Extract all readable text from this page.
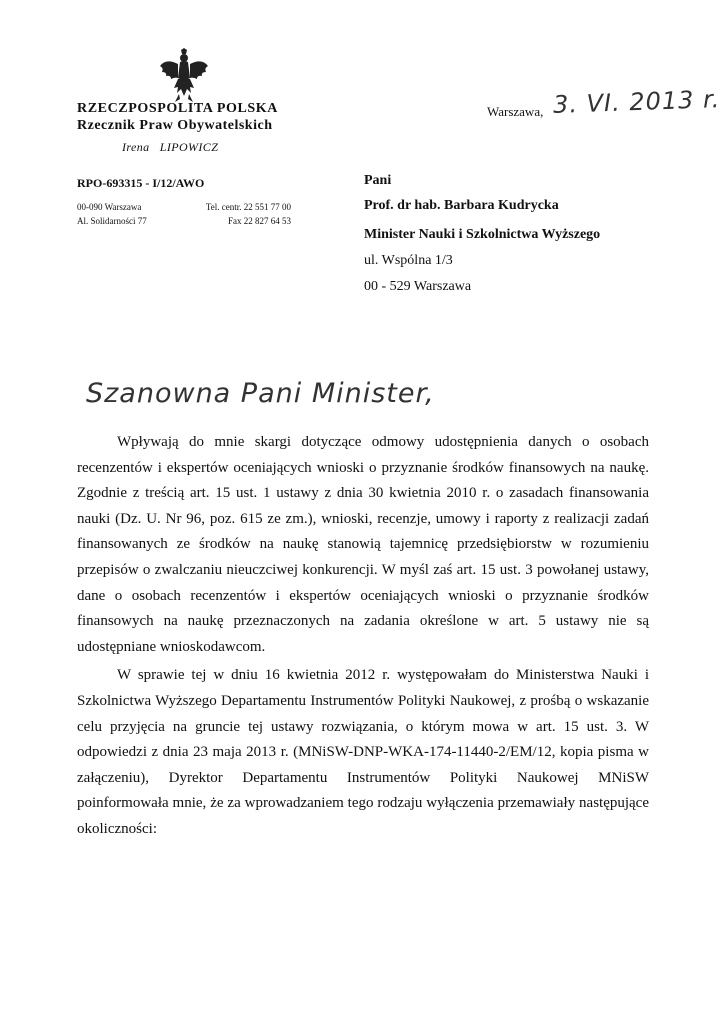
RZECZPOSPOLITA POLSKA
Rzecznik Praw Obywatelskich
Irena   LIPOWICZ
RPO-693315 - I/12/AWO
00-090 Warszawa
Al. Solidarności 77
Tel. centr. 22 551 77 00
Fax 22 827 64 53
Warszawa, 3. VI. 2013 r.
Pani
Prof. dr hab. Barbara Kudrycka
Minister Nauki i Szkolnictwa Wyższego
ul. Wspólna 1/3
00 - 529 Warszawa
Szanowna Pani Minister,

Wpływają do mnie skargi dotyczące odmowy udostępnienia danych o osobach recenzentów i ekspertów oceniających wnioski o przyznanie środków finansowych na naukę. Zgodnie z treścią art. 15 ust. 1 ustawy z dnia 30 kwietnia 2010 r. o zasadach finansowania nauki (Dz. U. Nr 96, poz. 615 ze zm.), wnioski, recenzje, umowy i raporty z realizacji zadań finansowanych ze środków na naukę stanowią tajemnicę przedsiębiorstw w rozumieniu przepisów o zwalczaniu nieuczciwej konkurencji. W myśl zaś art. 15 ust. 3 powołanej ustawy, dane o osobach recenzentów i ekspertów oceniających wnioski o przyznanie środków finansowych na naukę przeznaczonych na zadania określone w art. 5 ustawy nie są udostępniane wnioskodawcom.

W sprawie tej w dniu 16 kwietnia 2012 r. występowałam do Ministerstwa Nauki i Szkolnictwa Wyższego Departamentu Instrumentów Polityki Naukowej, z prośbą o wskazanie celu przyjęcia na gruncie tej ustawy rozwiązania, o którym mowa w art. 15 ust. 3. W odpowiedzi z dnia 23 maja 2013 r. (MNiSW-DNP-WKA-174-11440-2/EM/12, kopia pisma w załączeniu), Dyrektor Departamentu Instrumentów Polityki Naukowej MNiSW poinformowała mnie, że za wprowadzaniem tego rodzaju wyłączenia przemawiały następujące okoliczności:
